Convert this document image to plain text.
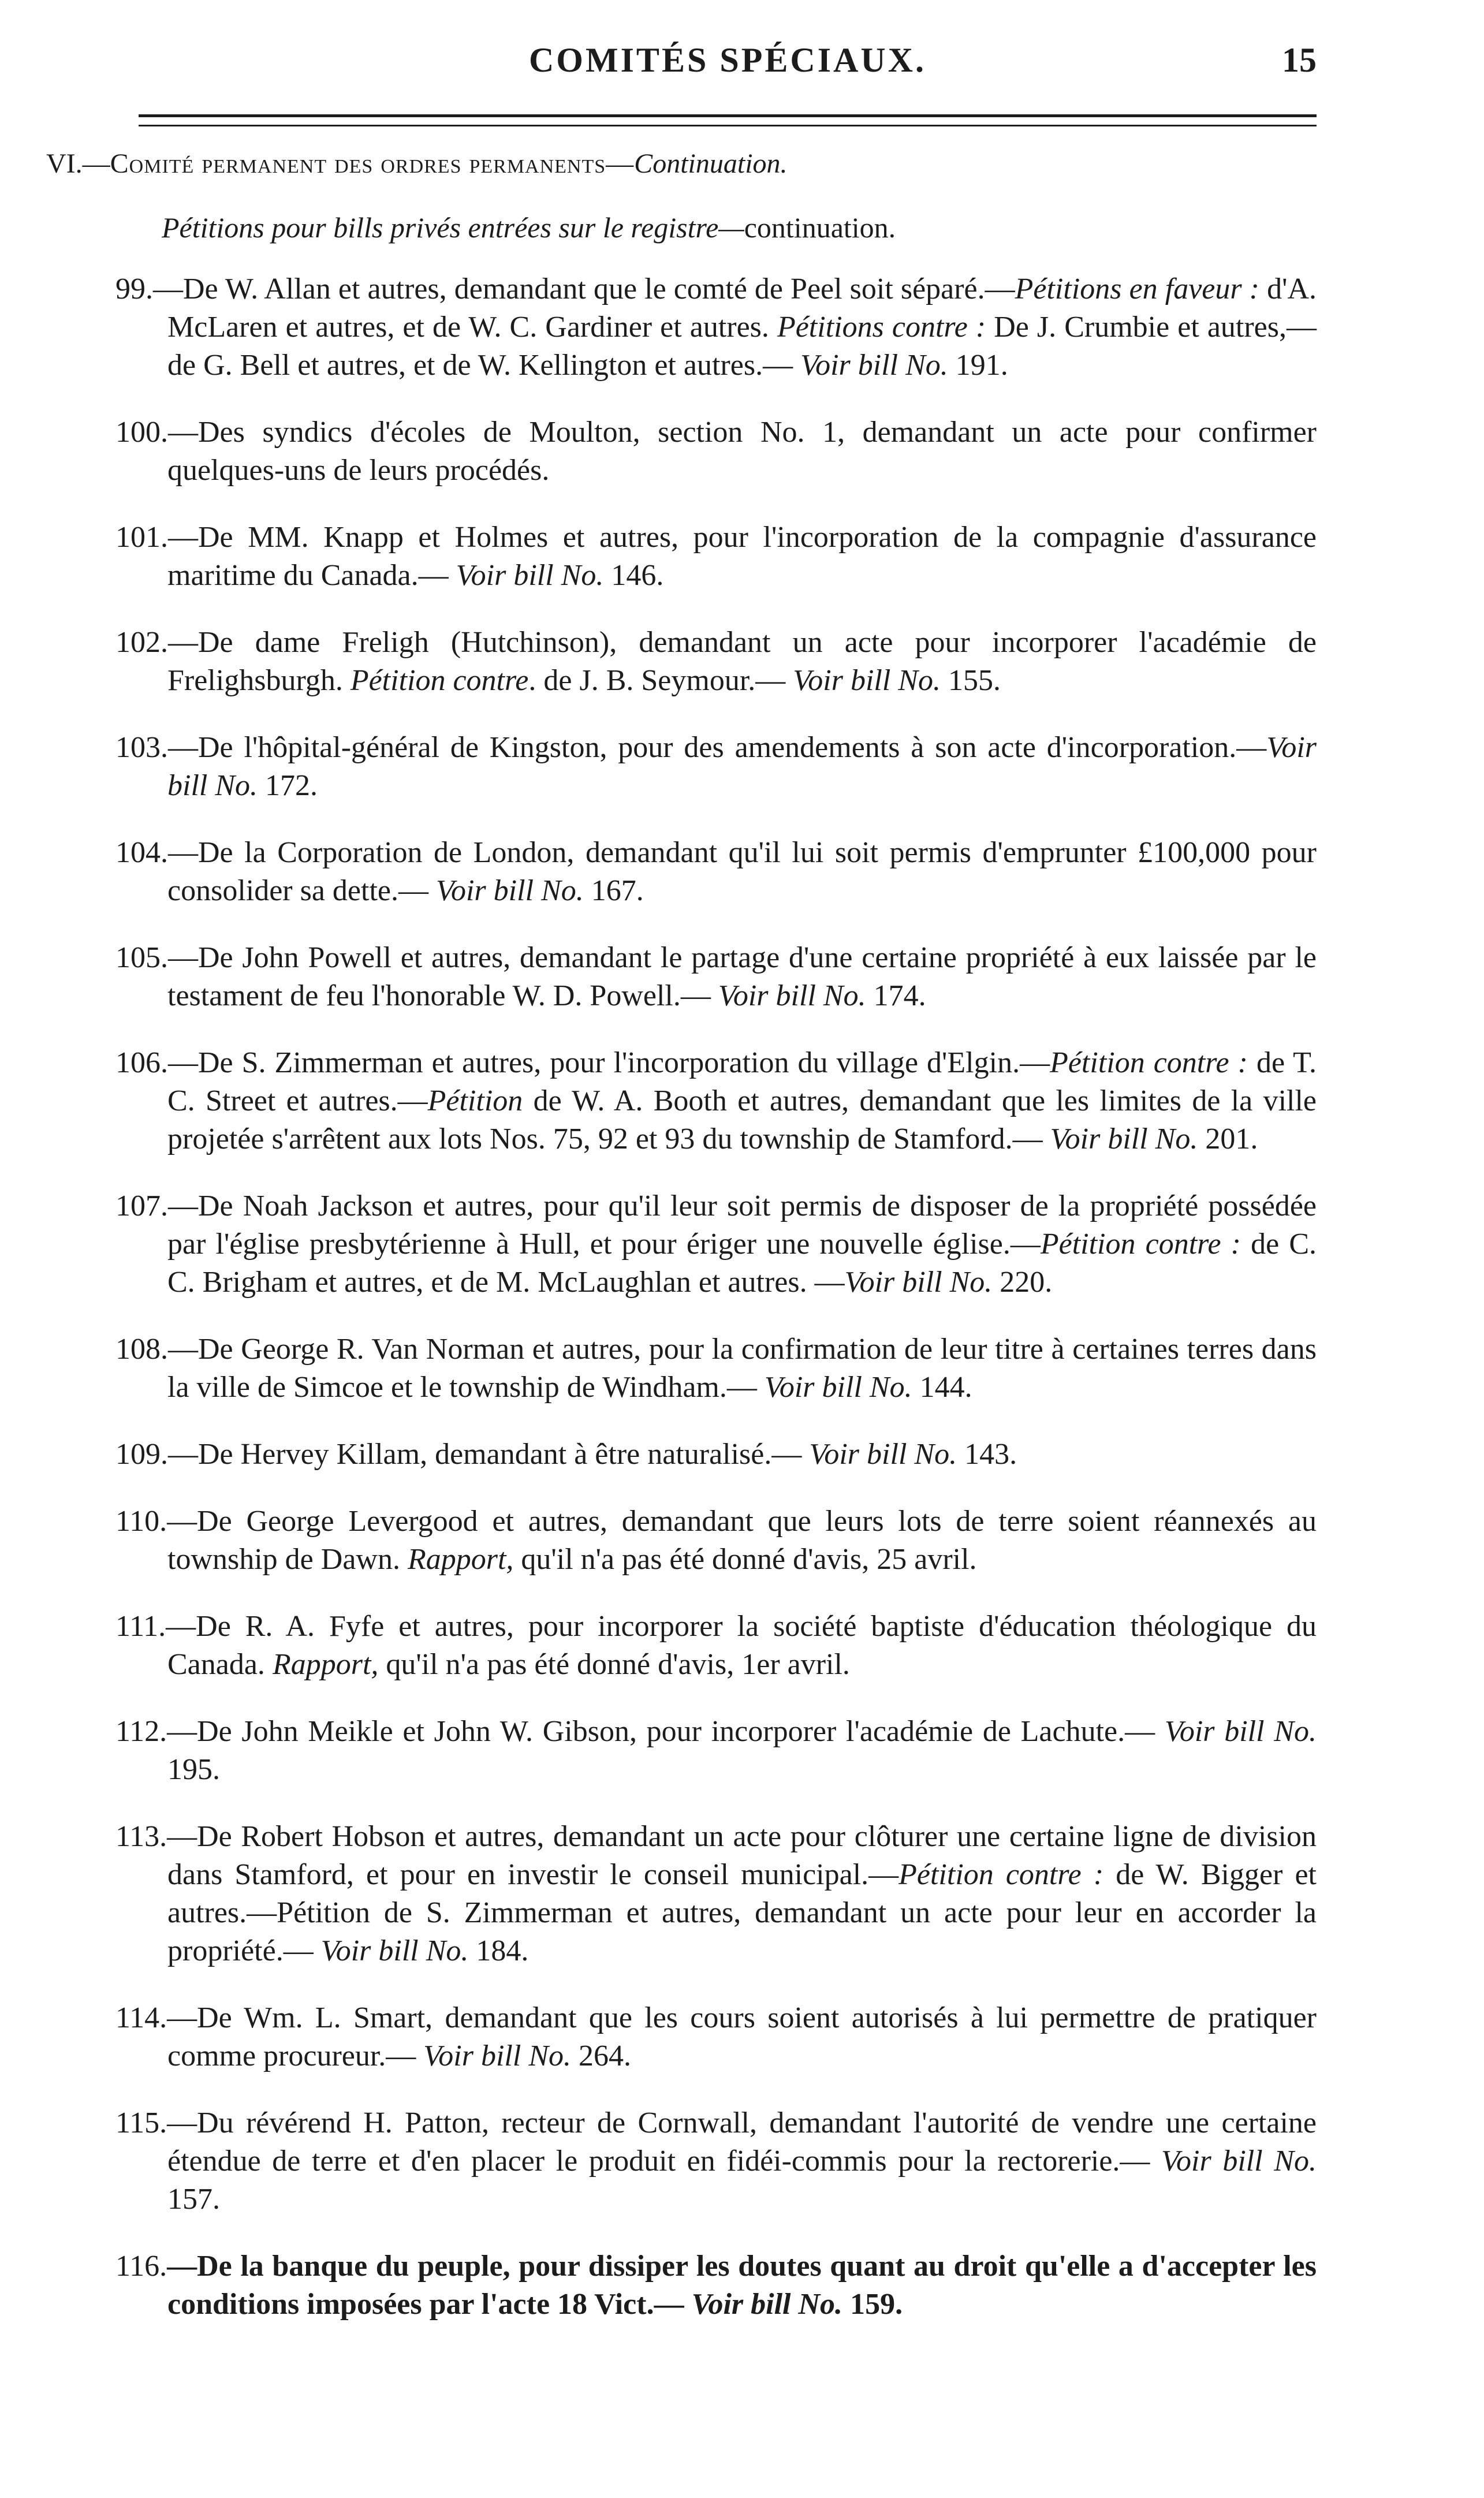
COMITÉS SPÉCIAUX.	15
VI.—Comité permanent des ordres permanents—Continuation.
Pétitions pour bills privés entrées sur le registre—continuation.
99.—De W. Allan et autres, demandant que le comté de Peel soit séparé.—Pétitions en faveur : d'A. McLaren et autres, et de W. C. Gardiner et autres. Pétitions contre : De J. Crumbie et autres,—de G. Bell et autres, et de W. Kellington et autres.— Voir bill No. 191.
100.—Des syndics d'écoles de Moulton, section No. 1, demandant un acte pour confirmer quelques-uns de leurs procédés.
101.—De MM. Knapp et Holmes et autres, pour l'incorporation de la compagnie d'assurance maritime du Canada.— Voir bill No. 146.
102.—De dame Freligh (Hutchinson), demandant un acte pour incorporer l'académie de Frelighsburgh. Pétition contre. de J. B. Seymour.— Voir bill No. 155.
103.—De l'hôpital-général de Kingston, pour des amendements à son acte d'incorporation.—Voir bill No. 172.
104.—De la Corporation de London, demandant qu'il lui soit permis d'emprunter £100,000 pour consolider sa dette.— Voir bill No. 167.
105.—De John Powell et autres, demandant le partage d'une certaine propriété à eux laissée par le testament de feu l'honorable W. D. Powell.— Voir bill No. 174.
106.—De S. Zimmerman et autres, pour l'incorporation du village d'Elgin.—Pétition contre : de T. C. Street et autres.—Pétition de W. A. Booth et autres, demandant que les limites de la ville projetée s'arrêtent aux lots Nos. 75, 92 et 93 du township de Stamford.— Voir bill No. 201.
107.—De Noah Jackson et autres, pour qu'il leur soit permis de disposer de la propriété possédée par l'église presbytérienne à Hull, et pour ériger une nouvelle église.—Pétition contre : de C. C. Brigham et autres, et de M. McLaughlan et autres. —Voir bill No. 220.
108.—De George R. Van Norman et autres, pour la confirmation de leur titre à certaines terres dans la ville de Simcoe et le township de Windham.— Voir bill No. 144.
109.—De Hervey Killam, demandant à être naturalisé.— Voir bill No. 143.
110.—De George Levergood et autres, demandant que leurs lots de terre soient réannexés au township de Dawn. Rapport, qu'il n'a pas été donné d'avis, 25 avril.
111.—De R. A. Fyfe et autres, pour incorporer la société baptiste d'éducation théologique du Canada. Rapport, qu'il n'a pas été donné d'avis, 1er avril.
112.—De John Meikle et John W. Gibson, pour incorporer l'académie de Lachute.— Voir bill No. 195.
113.—De Robert Hobson et autres, demandant un acte pour clôturer une certaine ligne de division dans Stamford, et pour en investir le conseil municipal.—Pétition contre : de W. Bigger et autres.—Pétition de S. Zimmerman et autres, demandant un acte pour leur en accorder la propriété.— Voir bill No. 184.
114.—De Wm. L. Smart, demandant que les cours soient autorisés à lui permettre de pratiquer comme procureur.— Voir bill No. 264.
115.—Du révérend H. Patton, recteur de Cornwall, demandant l'autorité de vendre une certaine étendue de terre et d'en placer le produit en fidéi-commis pour la rectorerie.— Voir bill No. 157.
116.—De la banque du peuple, pour dissiper les doutes quant au droit qu'elle a d'accepter les conditions imposées par l'acte 18 Vict.— Voir bill No. 159.
